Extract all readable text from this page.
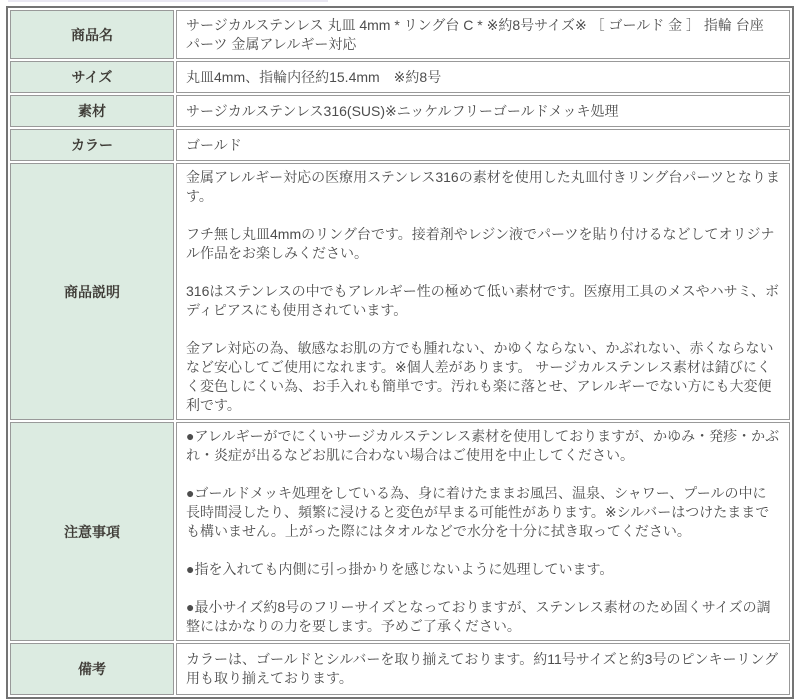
商品名	サージカルステンレス 丸皿 4mm * リング台 C * ※約8号サイズ※ ［ ゴールド 金 ］ 指輪 台座 パーツ 金属アレルギー対応

サイズ	丸皿4mm、指輪内径約15.4mm　※約8号

素材	サージカルステンレス316(SUS)※ニッケルフリーゴールドメッキ処理

カラー	ゴールド

商品説明	金属アレルギー対応の医療用ステンレス316の素材を使用した丸皿付きリング台パーツとなります。

フチ無し丸皿4mmのリング台です。接着剤やレジン液でパーツを貼り付けるなどしてオリジナル作品をお楽しみください。

316はステンレスの中でもアレルギー性の極めて低い素材です。医療用工具のメスやハサミ、ボディピアスにも使用されています。

金アレ対応の為、敏感なお肌の方でも腫れない、かゆくならない、かぶれない、赤くならないなど安心してご使用になれます。※個人差があります。 サージカルステンレス素材は錆びにくく変色しにくい為、お手入れも簡単です。汚れも楽に落とせ、アレルギーでない方にも大変便利です。

注意事項	●アレルギーがでにくいサージカルステンレス素材を使用しておりますが、かゆみ・発疹・かぶれ・炎症が出るなどお肌に合わない場合はご使用を中止してください。

●ゴールドメッキ処理をしている為、身に着けたままお風呂、温泉、シャワー、プールの中に長時間浸したり、頻繁に浸けると変色が早まる可能性があります。※シルバーはつけたままでも構いません。上がった際にはタオルなどで水分を十分に拭き取ってください。

●指を入れても内側に引っ掛かりを感じないように処理しています。

●最小サイズ約8号のフリーサイズとなっておりますが、ステンレス素材のため固くサイズの調整にはかなりの力を要します。予めご了承ください。

備考	カラーは、ゴールドとシルバーを取り揃えております。約11号サイズと約3号のピンキーリング用も取り揃えております。
